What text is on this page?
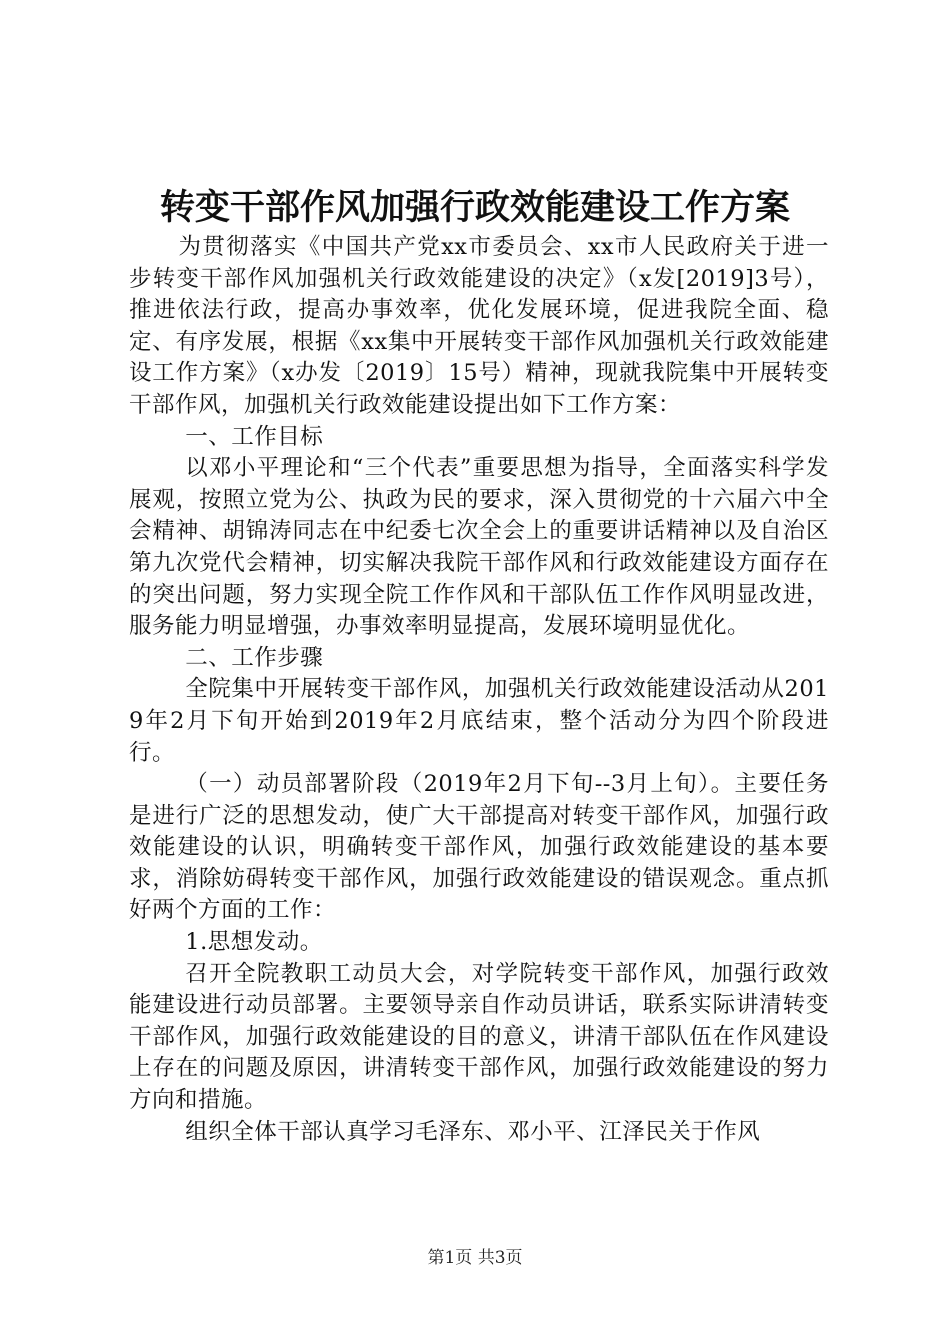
转变干部作风加强行政效能建设工作方案

为贯彻落实《中国共产党xx市委员会、xx市人民政府关于进一步转变干部作风加强机关行政效能建设的决定》（x发[2019]3号），推进依法行政，提高办事效率，优化发展环境，促进我院全面、稳定、有序发展，根据《xx集中开展转变干部作风加强机关行政效能建设工作方案》（x办发〔2019〕15号）精神，现就我院集中开展转变干部作风，加强机关行政效能建设提出如下工作方案：

一、工作目标

以邓小平理论和“三个代表”重要思想为指导，全面落实科学发展观，按照立党为公、执政为民的要求，深入贯彻党的十六届六中全会精神、胡锦涛同志在中纪委七次全会上的重要讲话精神以及自治区第九次党代会精神，切实解决我院干部作风和行政效能建设方面存在的突出问题，努力实现全院工作作风和干部队伍工作作风明显改进，服务能力明显增强，办事效率明显提高，发展环境明显优化。

二、工作步骤

全院集中开展转变干部作风，加强机关行政效能建设活动从2019年2月下旬开始到2019年2月底结束，整个活动分为四个阶段进行。

（一）动员部署阶段（2019年2月下旬--3月上旬）。主要任务是进行广泛的思想发动，使广大干部提高对转变干部作风，加强行政效能建设的认识，明确转变干部作风，加强行政效能建设的基本要求，消除妨碍转变干部作风，加强行政效能建设的错误观念。重点抓好两个方面的工作：

1.思想发动。

召开全院教职工动员大会，对学院转变干部作风，加强行政效能建设进行动员部署。主要领导亲自作动员讲话，联系实际讲清转变干部作风，加强行政效能建设的目的意义，讲清干部队伍在作风建设上存在的问题及原因，讲清转变干部作风，加强行政效能建设的努力方向和措施。

组织全体干部认真学习毛泽东、邓小平、江泽民关于作风

第1页 共3页
